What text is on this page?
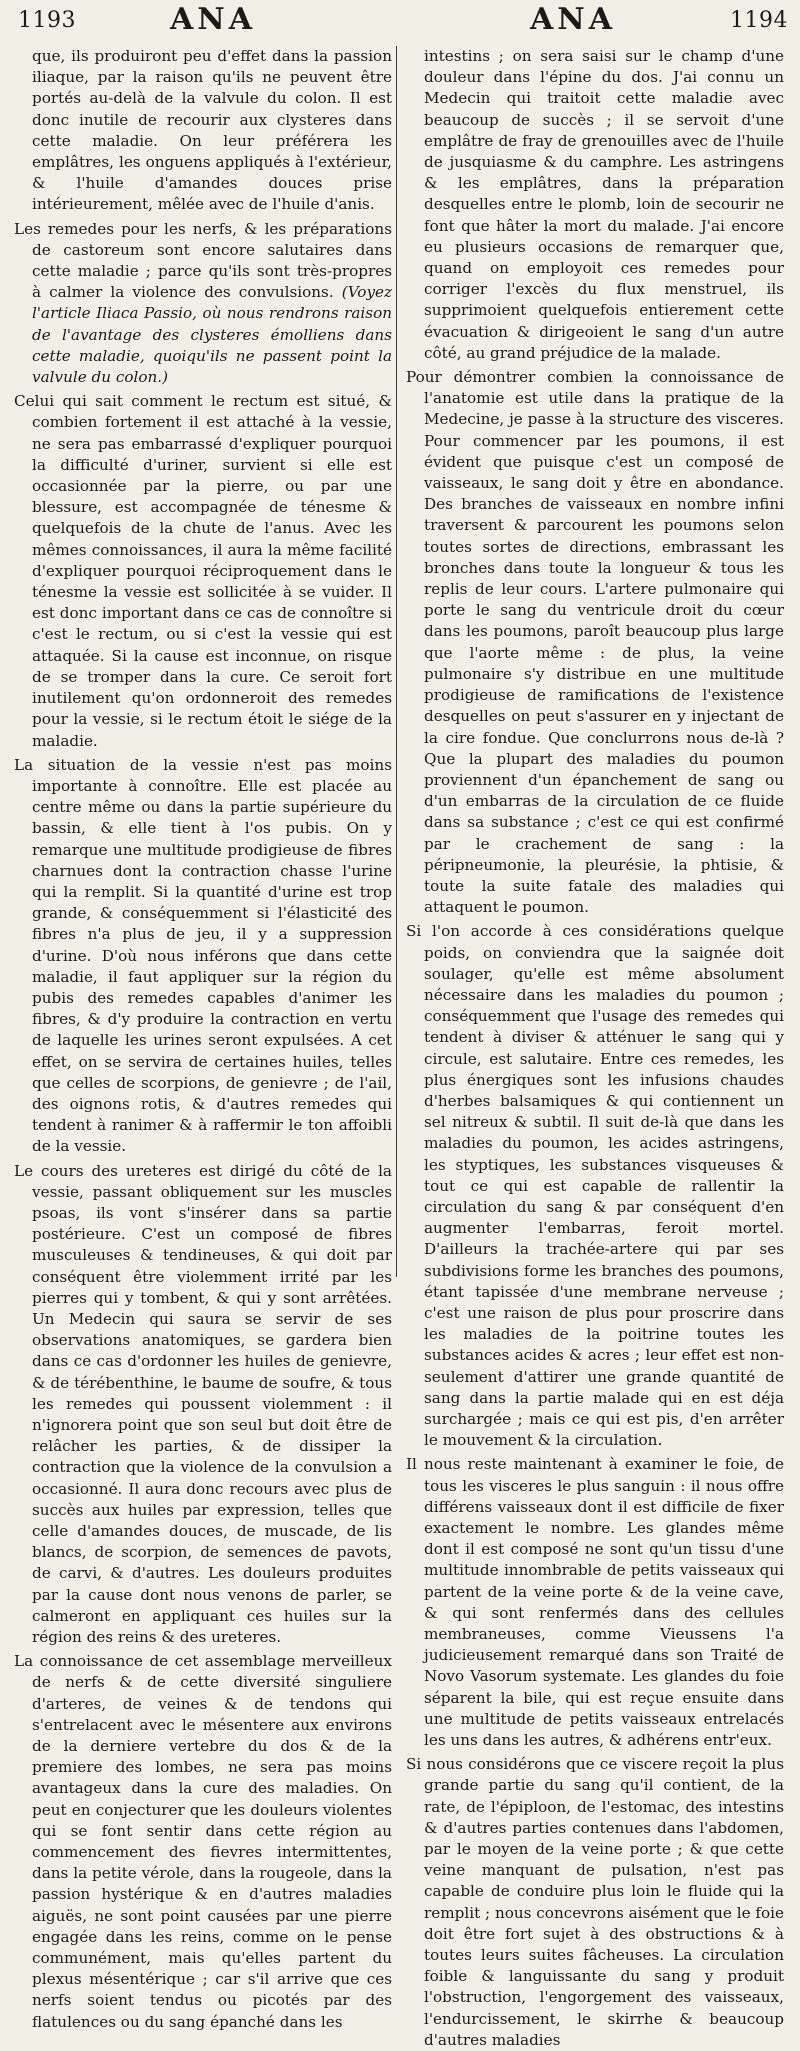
1193	ANA	ANA	1194

que, ils produiront peu d'effet dans la passion iliaque, par la raison qu'ils ne peuvent être portés au-delà de la valvule du colon. Il est donc inutile de recourir aux clysteres dans cette maladie. On leur préférera les emplâtres, les onguens appliqués à l'extérieur, & l'huile d'amandes douces prise intérieurement, mêlée avec de l'huile d'anis.

Les remedes pour les nerfs, & les préparations de castoreum sont encore salutaires dans cette maladie ; parce qu'ils sont très-propres à calmer la violence des convulsions. (Voyez l'article Iliaca Passio, où nous rendrons raison de l'avantage des clysteres émolliens dans cette maladie, quoiqu'ils ne passent point la valvule du colon.)

Celui qui sait comment le rectum est situé, & combien fortement il est attaché à la vessie, ne sera pas embarrassé d'expliquer pourquoi la difficulté d'uriner, survient si elle est occasionnée par la pierre, ou par une blessure, est accompagnée de ténesme & quelquefois de la chute de l'anus. Avec les mêmes connoissances, il aura la même facilité d'expliquer pourquoi réciproquement dans le ténesme la vessie est sollicitée à se vuider. Il est donc important dans ce cas de connoître si c'est le rectum, ou si c'est la vessie qui est attaquée. Si la cause est inconnue, on risque de se tromper dans la cure. Ce seroit fort inutilement qu'on ordonneroit des remedes pour la vessie, si le rectum étoit le siége de la maladie.

La situation de la vessie n'est pas moins importante à connoître. Elle est placée au centre même ou dans la partie supérieure du bassin, & elle tient à l'os pubis. On y remarque une multitude prodigieuse de fibres charnues dont la contraction chasse l'urine qui la remplit. Si la quantité d'urine est trop grande, & conséquemment si l'élasticité des fibres n'a plus de jeu, il y a suppression d'urine. D'où nous inférons que dans cette maladie, il faut appliquer sur la région du pubis des remedes capables d'animer les fibres, & d'y produire la contraction en vertu de laquelle les urines seront expulsées. A cet effet, on se servira de certaines huiles, telles que celles de scorpions, de genievre ; de l'ail, des oignons rotis, & d'autres remedes qui tendent à ranimer & à raffermir le ton affoibli de la vessie.

Le cours des ureteres est dirigé du côté de la vessie, passant obliquement sur les muscles psoas, ils vont s'insérer dans sa partie postérieure. C'est un composé de fibres musculeuses & tendineuses, & qui doit par conséquent être violemment irrité par les pierres qui y tombent, & qui y sont arrêtées. Un Medecin qui saura se servir de ses observations anatomiques, se gardera bien dans ce cas d'ordonner les huiles de genievre, & de térébenthine, le baume de soufre, & tous les remedes qui poussent violemment : il n'ignorera point que son seul but doit être de relâcher les parties, & de dissiper la contraction que la violence de la convulsion a occasionné. Il aura donc recours avec plus de succès aux huiles par expression, telles que celle d'amandes douces, de muscade, de lis blancs, de scorpion, de semences de pavots, de carvi, & d'autres. Les douleurs produites par la cause dont nous venons de parler, se calmeront en appliquant ces huiles sur la région des reins & des ureteres.

La connoissance de cet assemblage merveilleux de nerfs & de cette diversité singuliere d'arteres, de veines & de tendons qui s'entrelacent avec le mésentere aux environs de la derniere vertebre du dos & de la premiere des lombes, ne sera pas moins avantageux dans la cure des maladies. On peut en conjecturer que les douleurs violentes qui se font sentir dans cette région au commencement des fievres intermittentes, dans la petite vérole, dans la rougeole, dans la passion hystérique & en d'autres maladies aiguës, ne sont point causées par une pierre engagée dans les reins, comme on le pense communément, mais qu'elles partent du plexus mésentérique ; car s'il arrive que ces nerfs soient tendus ou picotés par des flatulences ou du sang épanché dans les

intestins ; on sera saisi sur le champ d'une douleur dans l'épine du dos. J'ai connu un Medecin qui traitoit cette maladie avec beaucoup de succès ; il se servoit d'une emplâtre de fray de grenouilles avec de l'huile de jusquiasme & du camphre. Les astringens & les emplâtres, dans la préparation desquelles entre le plomb, loin de secourir ne font que hâter la mort du malade. J'ai encore eu plusieurs occasions de remarquer que, quand on employoit ces remedes pour corriger l'excès du flux menstruel, ils supprimoient quelquefois entierement cette évacuation & dirigeoient le sang d'un autre côté, au grand préjudice de la malade.

Pour démontrer combien la connoissance de l'anatomie est utile dans la pratique de la Medecine, je passe à la structure des visceres. Pour commencer par les poumons, il est évident que puisque c'est un composé de vaisseaux, le sang doit y être en abondance. Des branches de vaisseaux en nombre infini traversent & parcourent les poumons selon toutes sortes de directions, embrassant les bronches dans toute la longueur & tous les replis de leur cours. L'artere pulmonaire qui porte le sang du ventricule droit du cœur dans les poumons, paroît beaucoup plus large que l'aorte même : de plus, la veine pulmonaire s'y distribue en une multitude prodigieuse de ramifications de l'existence desquelles on peut s'assurer en y injectant de la cire fondue. Que conclurrons nous de-là ? Que la plupart des maladies du poumon proviennent d'un épanchement de sang ou d'un embarras de la circulation de ce fluide dans sa substance ; c'est ce qui est confirmé par le crachement de sang : la péripneumonie, la pleurésie, la phtisie, & toute la suite fatale des maladies qui attaquent le poumon.

Si l'on accorde à ces considérations quelque poids, on conviendra que la saignée doit soulager, qu'elle est même absolument nécessaire dans les maladies du poumon ; conséquemment que l'usage des remedes qui tendent à diviser & atténuer le sang qui y circule, est salutaire. Entre ces remedes, les plus énergiques sont les infusions chaudes d'herbes balsamiques & qui contiennent un sel nitreux & subtil. Il suit de-là que dans les maladies du poumon, les acides astringens, les styptiques, les substances visqueuses & tout ce qui est capable de rallentir la circulation du sang & par conséquent d'en augmenter l'embarras, feroit mortel. D'ailleurs la trachée-artere qui par ses subdivisions forme les branches des poumons, étant tapissée d'une membrane nerveuse ; c'est une raison de plus pour proscrire dans les maladies de la poitrine toutes les substances acides & acres ; leur effet est non-seulement d'attirer une grande quantité de sang dans la partie malade qui en est déja surchargée ; mais ce qui est pis, d'en arrêter le mouvement & la circulation.

Il nous reste maintenant à examiner le foie, de tous les visceres le plus sanguin : il nous offre différens vaisseaux dont il est difficile de fixer exactement le nombre. Les glandes même dont il est composé ne sont qu'un tissu d'une multitude innombrable de petits vaisseaux qui partent de la veine porte & de la veine cave, & qui sont renfermés dans des cellules membraneuses, comme Vieussens l'a judicieusement remarqué dans son Traité de Novo Vasorum systemate. Les glandes du foie séparent la bile, qui est reçue ensuite dans une multitude de petits vaisseaux entrelacés les uns dans les autres, & adhérens entr'eux.

Si nous considérons que ce viscere reçoit la plus grande partie du sang qu'il contient, de la rate, de l'épiploon, de l'estomac, des intestins & d'autres parties contenues dans l'abdomen, par le moyen de la veine porte ; & que cette veine manquant de pulsation, n'est pas capable de conduire plus loin le fluide qui la remplit ; nous concevrons aisément que le foie doit être fort sujet à des obstructions & à toutes leurs suites fâcheuses. La circulation foible & languissante du sang y produit l'obstruction, l'engorgement des vaisseaux, l'endurcissement, le skirrhe & beaucoup d'autres maladies
